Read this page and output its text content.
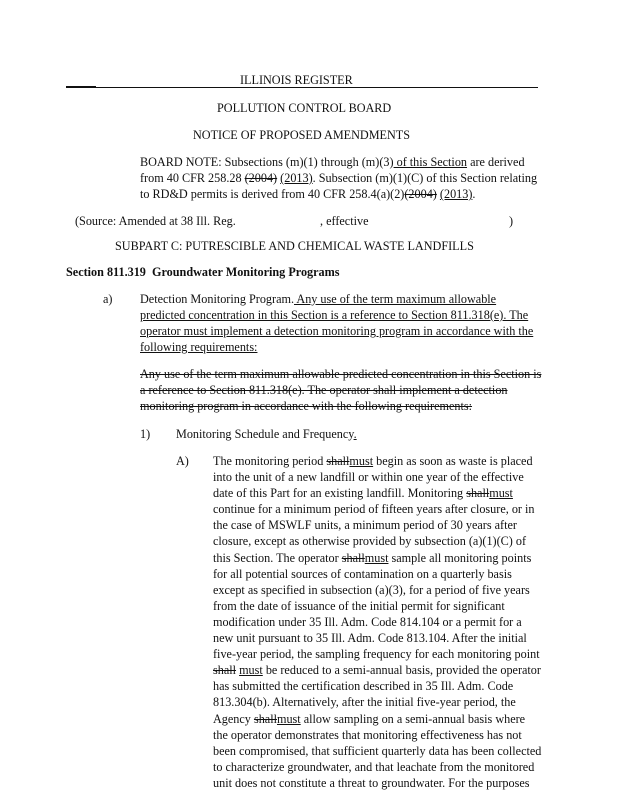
ILLINOIS REGISTER
POLLUTION CONTROL BOARD
NOTICE OF PROPOSED AMENDMENTS
BOARD NOTE: Subsections (m)(1) through (m)(3) of this Section are derived
from 40 CFR 258.28 (2004) (2013). Subsection (m)(1)(C) of this Section relating
to RD&D permits is derived from 40 CFR 258.4(a)(2)(2004) (2013).
(Source: Amended at 38 Ill. Reg.	, effective	)
SUBPART C: PUTRESCIBLE AND CHEMICAL WASTE LANDFILLS
Section 811.319 Groundwater Monitoring Programs
a) Detection Monitoring Program. Any use of the term maximum allowable
predicted concentration in this Section is a reference to Section 811.318(e). The
operator must implement a detection monitoring program in accordance with the
following requirements:
Any use of the term maximum allowable predicted concentration in this Section is
a reference to Section 811.318(e). The operator shall implement a detection
monitoring program in accordance with the following requirements:
1) Monitoring Schedule and Frequency.
A) The monitoring period shallmust begin as soon as waste is placed
into the unit of a new landfill or within one year of the effective
date of this Part for an existing landfill. Monitoring shallmust
continue for a minimum period of fifteen years after closure, or in
the case of MSWLF units, a minimum period of 30 years after
closure, except as otherwise provided by subsection (a)(1)(C) of
this Section. The operator shallmust sample all monitoring points
for all potential sources of contamination on a quarterly basis
except as specified in subsection (a)(3), for a period of five years
from the date of issuance of the initial permit for significant
modification under 35 Ill. Adm. Code 814.104 or a permit for a
new unit pursuant to 35 Ill. Adm. Code 813.104. After the initial
five-year period, the sampling frequency for each monitoring point
shall must be reduced to a semi-annual basis, provided the operator
has submitted the certification described in 35 Ill. Adm. Code
813.304(b). Alternatively, after the initial five-year period, the
Agency shallmust allow sampling on a semi-annual basis where
the operator demonstrates that monitoring effectiveness has not
been compromised, that sufficient quarterly data has been collected
to characterize groundwater, and that leachate from the monitored
unit does not constitute a threat to groundwater. For the purposes
